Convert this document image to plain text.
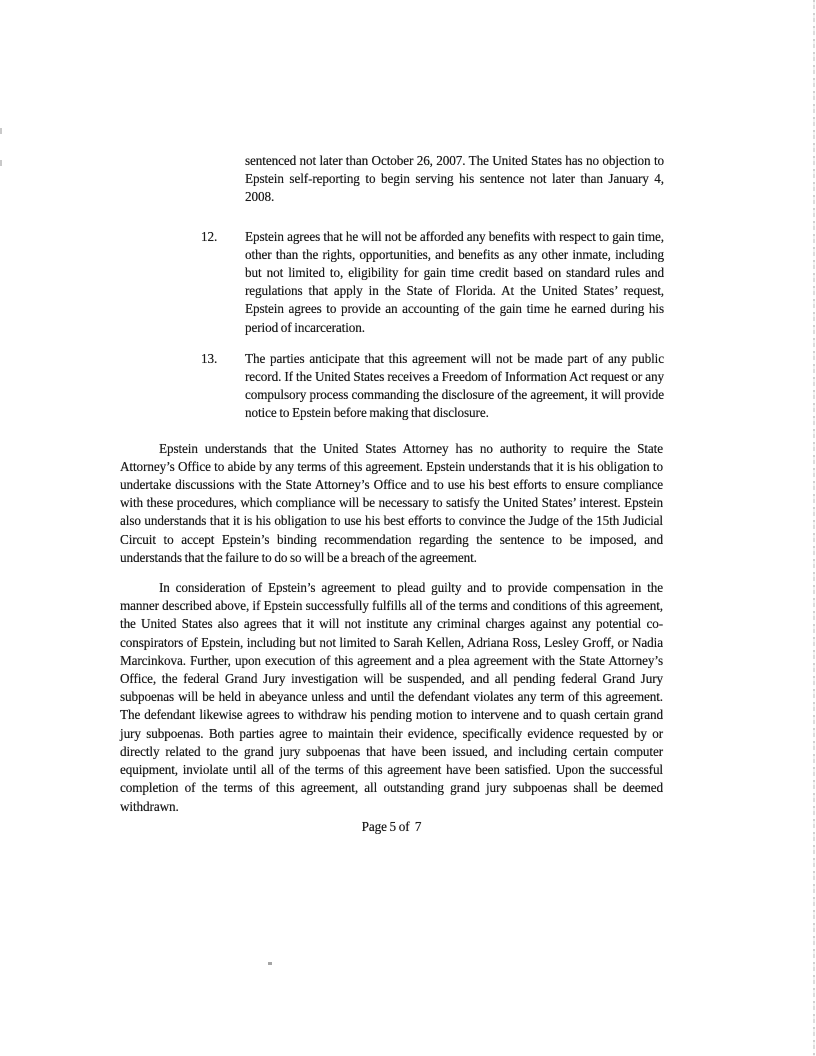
sentenced not later than October 26, 2007. The United States has no objection to Epstein self-reporting to begin serving his sentence not later than January 4, 2008.

12. Epstein agrees that he will not be afforded any benefits with respect to gain time, other than the rights, opportunities, and benefits as any other inmate, including but not limited to, eligibility for gain time credit based on standard rules and regulations that apply in the State of Florida. At the United States’ request, Epstein agrees to provide an accounting of the gain time he earned during his period of incarceration.

13. The parties anticipate that this agreement will not be made part of any public record. If the United States receives a Freedom of Information Act request or any compulsory process commanding the disclosure of the agreement, it will provide notice to Epstein before making that disclosure.

Epstein understands that the United States Attorney has no authority to require the State Attorney’s Office to abide by any terms of this agreement. Epstein understands that it is his obligation to undertake discussions with the State Attorney’s Office and to use his best efforts to ensure compliance with these procedures, which compliance will be necessary to satisfy the United States’ interest. Epstein also understands that it is his obligation to use his best efforts to convince the Judge of the 15th Judicial Circuit to accept Epstein’s binding recommendation regarding the sentence to be imposed, and understands that the failure to do so will be a breach of the agreement.

In consideration of Epstein’s agreement to plead guilty and to provide compensation in the manner described above, if Epstein successfully fulfills all of the terms and conditions of this agreement, the United States also agrees that it will not institute any criminal charges against any potential co-conspirators of Epstein, including but not limited to Sarah Kellen, Adriana Ross, Lesley Groff, or Nadia Marcinkova. Further, upon execution of this agreement and a plea agreement with the State Attorney’s Office, the federal Grand Jury investigation will be suspended, and all pending federal Grand Jury subpoenas will be held in abeyance unless and until the defendant violates any term of this agreement. The defendant likewise agrees to withdraw his pending motion to intervene and to quash certain grand jury subpoenas. Both parties agree to maintain their evidence, specifically evidence requested by or directly related to the grand jury subpoenas that have been issued, and including certain computer equipment, inviolate until all of the terms of this agreement have been satisfied. Upon the successful completion of the terms of this agreement, all outstanding grand jury subpoenas shall be deemed withdrawn.

Page 5 of  7
